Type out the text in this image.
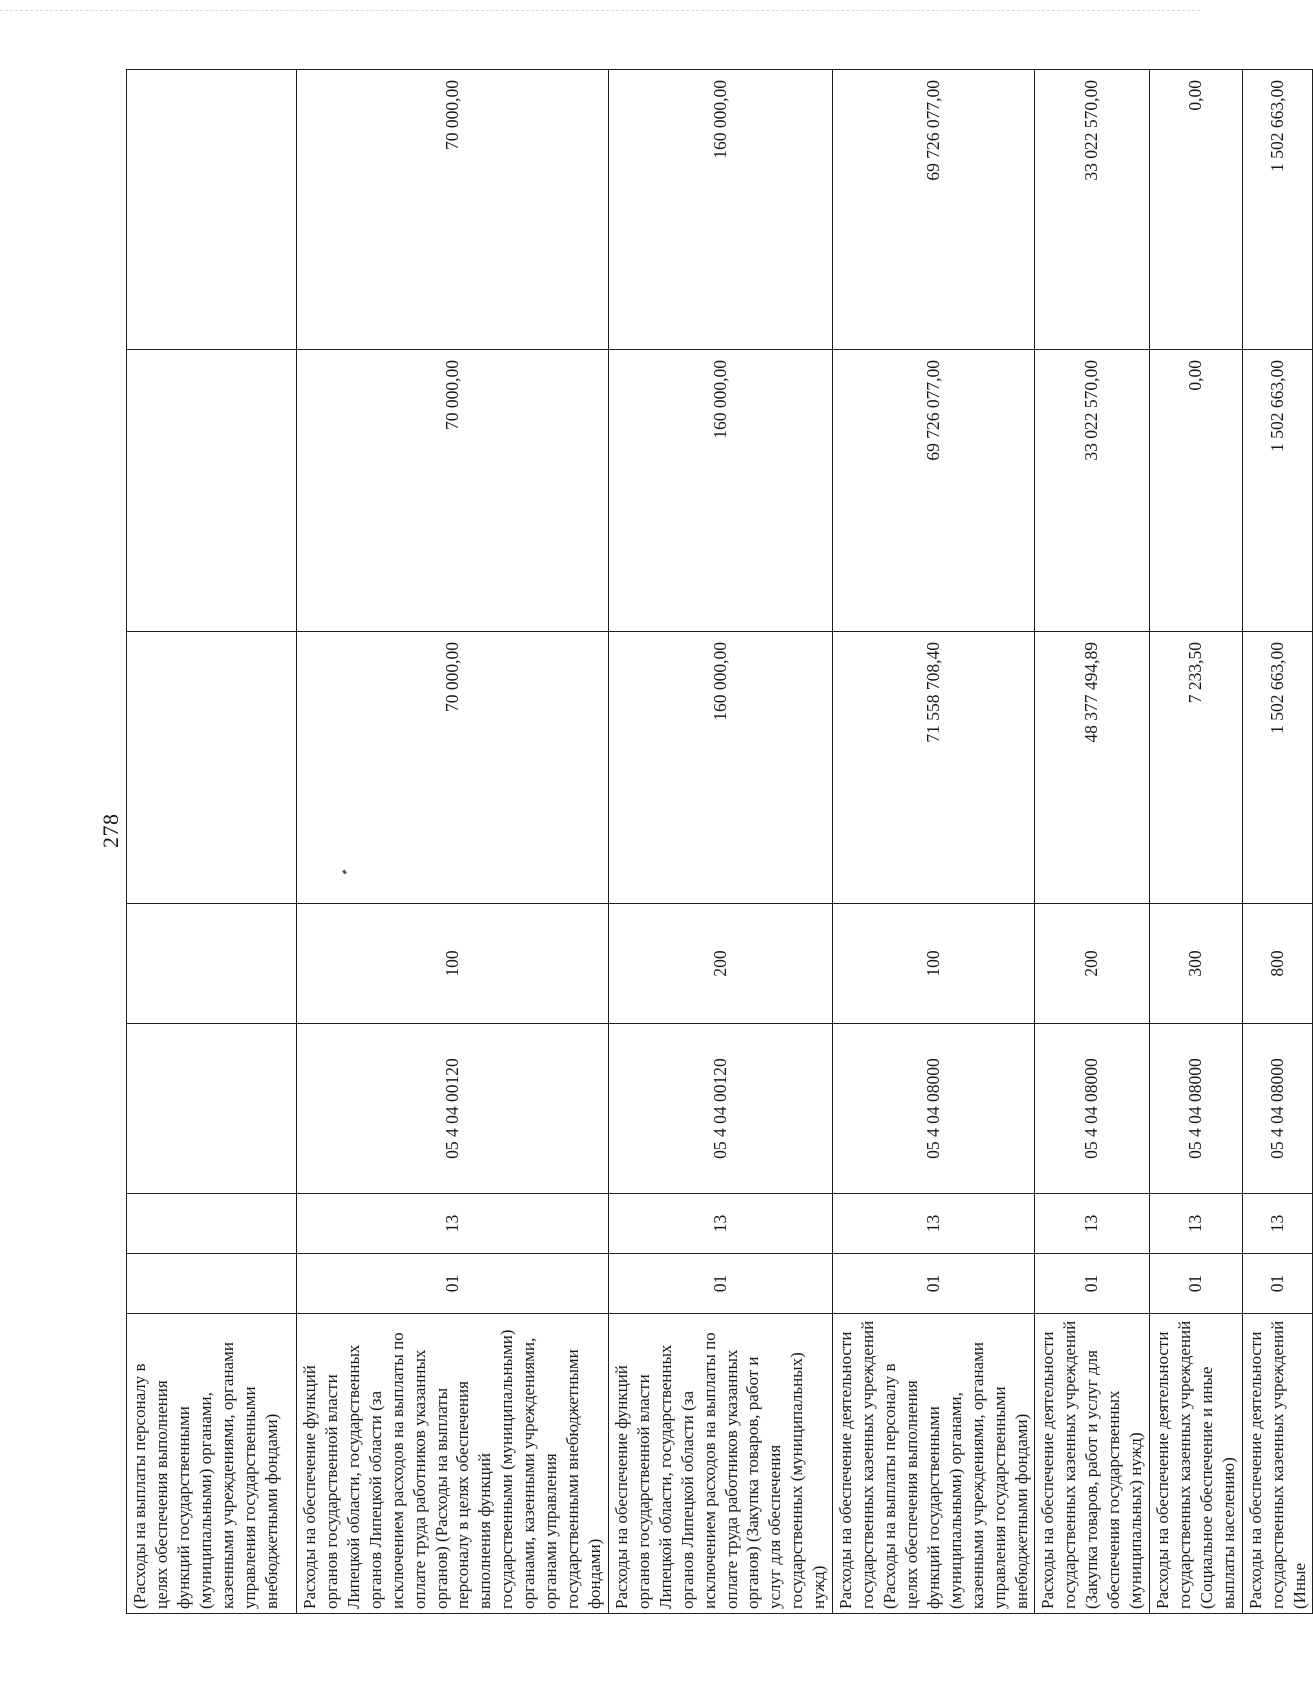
278
(Расходы на выплаты персоналу в целях обеспечения выполнения функций государственными (муниципальными) органами, казенными учреждениями, органами управления государственными внебюджетными фондами)							
Расходы на обеспечение функций органов государственной власти Липецкой области, государственных органов Липецкой области (за исключением расходов на выплаты по оплате труда работников указанных органов) (Расходы на выплаты персоналу в целях обеспечения выполнения функций государственными (муниципальными) органами, казенными учреждениями, органами управления государственными внебюджетными фондами)	01	13	05 4 04 00120	100	70 000,00	70 000,00	70 000,00
Расходы на обеспечение функций органов государственной власти Липецкой области, государственных органов Липецкой области (за исключением расходов на выплаты по оплате труда работников указанных органов) (Закупка товаров, работ и услуг для обеспечения государственных (муниципальных) нужд)	01	13	05 4 04 00120	200	160 000,00	160 000,00	160 000,00
Расходы на обеспечение деятельности государственных казенных учреждений (Расходы на выплаты персоналу в целях обеспечения выполнения функций государственными (муниципальными) органами, казенными учреждениями, органами управления государственными внебюджетными фондами)	01	13	05 4 04 08000	100	71 558 708,40	69 726 077,00	69 726 077,00
Расходы на обеспечение деятельности государственных казенных учреждений (Закупка товаров, работ и услуг для обеспечения государственных (муниципальных) нужд)	01	13	05 4 04 08000	200	48 377 494,89	33 022 570,00	33 022 570,00
Расходы на обеспечение деятельности государственных казенных учреждений (Социальное обеспечение и иные выплаты населению)	01	13	05 4 04 08000	300	7 233,50	0,00	0,00
Расходы на обеспечение деятельности государственных казенных учреждений (Иные	01	13	05 4 04 08000	800	1 502 663,00	1 502 663,00	1 502 663,00
